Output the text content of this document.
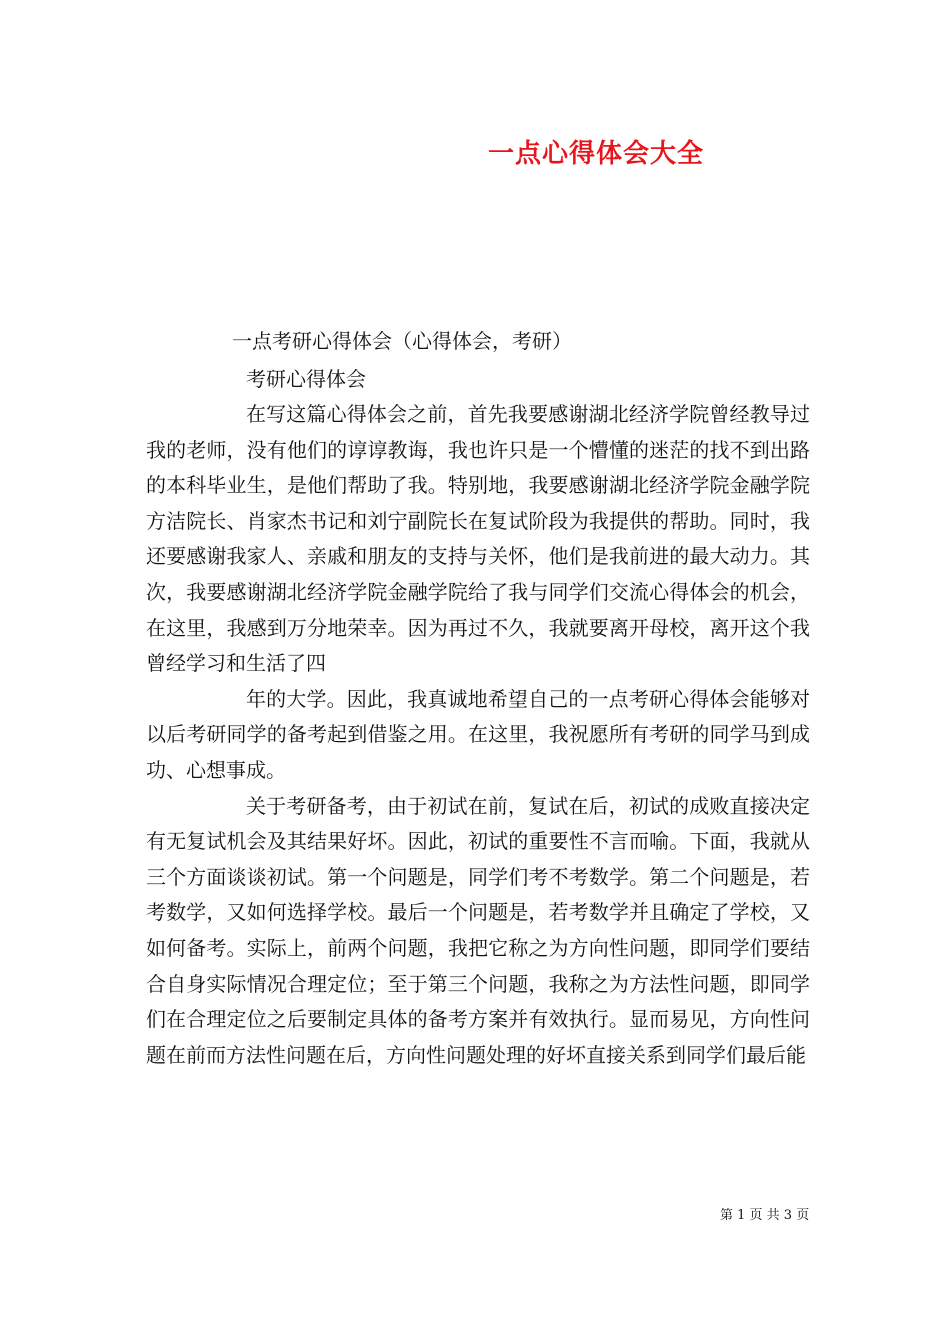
一点心得体会大全
一点考研心得体会（心得体会，考研）
考研心得体会

在写这篇心得体会之前，首先我要感谢湖北经济学院曾经教导过我的老师，没有他们的谆谆教诲，我也许只是一个懵懂的迷茫的找不到出路的本科毕业生，是他们帮助了我。特别地，我要感谢湖北经济学院金融学院方洁院长、肖家杰书记和刘宁副院长在复试阶段为我提供的帮助。同时，我还要感谢我家人、亲戚和朋友的支持与关怀，他们是我前进的最大动力。其次，我要感谢湖北经济学院金融学院给了我与同学们交流心得体会的机会，在这里，我感到万分地荣幸。因为再过不久，我就要离开母校，离开这个我曾经学习和生活了四

年的大学。因此，我真诚地希望自己的一点考研心得体会能够对以后考研同学的备考起到借鉴之用。在这里，我祝愿所有考研的同学马到成功、心想事成。

关于考研备考，由于初试在前，复试在后，初试的成败直接决定有无复试机会及其结果好坏。因此，初试的重要性不言而喻。下面，我就从三个方面谈谈初试。第一个问题是，同学们考不考数学。第二个问题是，若考数学，又如何选择学校。最后一个问题是，若考数学并且确定了学校，又如何备考。实际上，前两个问题，我把它称之为方向性问题，即同学们要结合自身实际情况合理定位；至于第三个问题，我称之为方法性问题，即同学们在合理定位之后要制定具体的备考方案并有效执行。显而易见，方向性问题在前而方法性问题在后，方向性问题处理的好坏直接关系到同学们最后能

第 1 页 共 3 页
